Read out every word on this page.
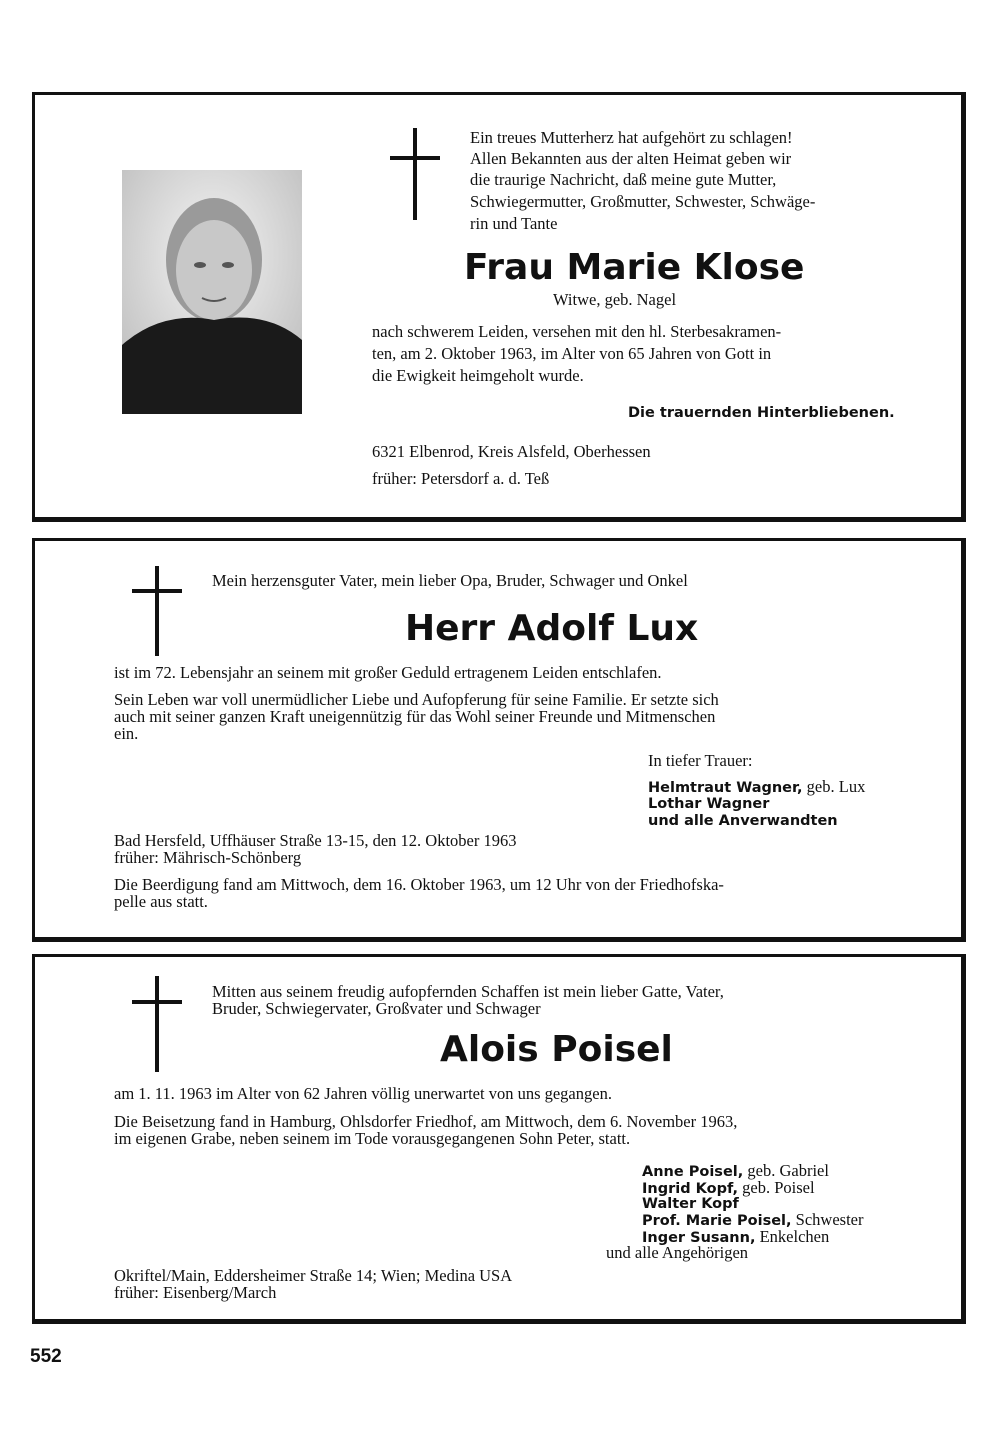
Ein treues Mutterherz hat aufgehört zu schlagen!
Allen Bekannten aus der alten Heimat geben wir
die traurige Nachricht, daß meine gute Mutter,
Schwiegermutter, Großmutter, Schwester, Schwäge-
rin und Tante
Frau Marie Klose
Witwe, geb. Nagel
nach schwerem Leiden, versehen mit den hl. Sterbesakramen-
ten, am 2. Oktober 1963, im Alter von 65 Jahren von Gott in
die Ewigkeit heimgeholt wurde.
Die trauernden Hinterbliebenen.
6321 Elbenrod, Kreis Alsfeld, Oberhessen
früher: Petersdorf a. d. Teß
Mein herzensguter Vater, mein lieber Opa, Bruder, Schwager und Onkel
Herr Adolf Lux
ist im 72. Lebensjahr an seinem mit großer Geduld ertragenem Leiden entschlafen.
Sein Leben war voll unermüdlicher Liebe und Aufopferung für seine Familie. Er setzte sich
auch mit seiner ganzen Kraft uneigennützig für das Wohl seiner Freunde und Mitmenschen
ein.
In tiefer Trauer:
Helmtraut Wagner, geb. Lux
Lothar Wagner
und alle Anverwandten
Bad Hersfeld, Uffhäuser Straße 13-15, den 12. Oktober 1963
früher: Mährisch-Schönberg
Die Beerdigung fand am Mittwoch, dem 16. Oktober 1963, um 12 Uhr von der Friedhofska-
pelle aus statt.
Mitten aus seinem freudig aufopfernden Schaffen ist mein lieber Gatte, Vater,
Bruder, Schwiegervater, Großvater und Schwager
Alois Poisel
am 1. 11. 1963 im Alter von 62 Jahren völlig unerwartet von uns gegangen.
Die Beisetzung fand in Hamburg, Ohlsdorfer Friedhof, am Mittwoch, dem 6. November 1963,
im eigenen Grabe, neben seinem im Tode vorausgegangenen Sohn Peter, statt.
Anne Poisel, geb. Gabriel
Ingrid Kopf, geb. Poisel
Walter Kopf
Prof. Marie Poisel, Schwester
Inger Susann, Enkelchen
und alle Angehörigen
Okriftel/Main, Eddersheimer Straße 14; Wien; Medina USA
früher: Eisenberg/March
552
